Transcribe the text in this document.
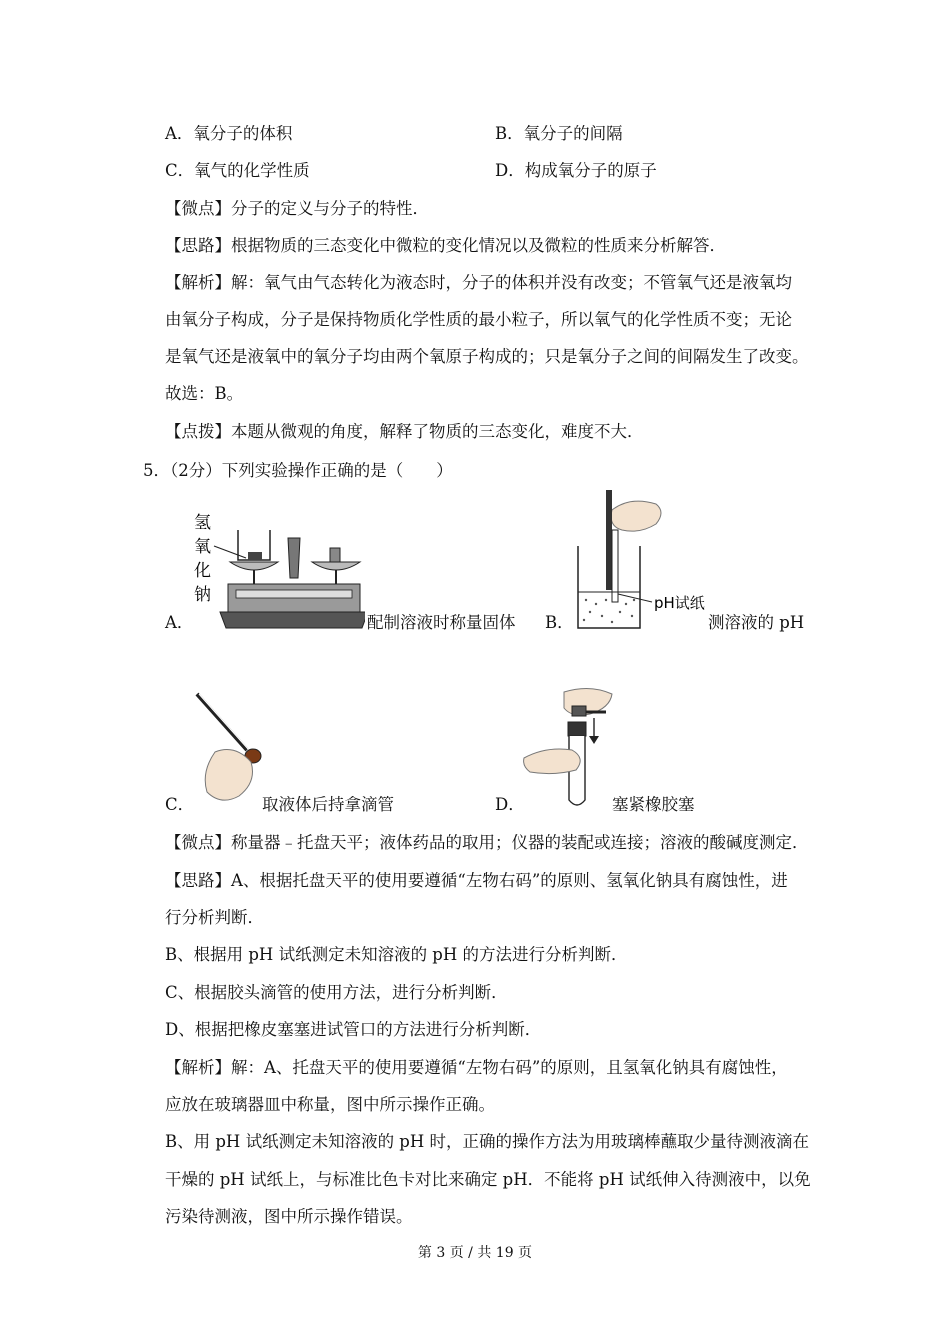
A．氧分子的体积	B．氧分子的间隔
C．氧气的化学性质	D．构成氧分子的原子
【微点】分子的定义与分子的特性．
【思路】根据物质的三态变化中微粒的变化情况以及微粒的性质来分析解答．
【解析】解：氧气由气态转化为液态时，分子的体积并没有改变；不管氧气还是液氧均
由氧分子构成，分子是保持物质化学性质的最小粒子，所以氧气的化学性质不变；无论
是氧气还是液氧中的氧分子均由两个氧原子构成的；只是氧分子之间的间隔发生了改变。
故选：B。
【点拨】本题从微观的角度，解释了物质的三态变化，难度不大．
5．（2分）下列实验操作正确的是（　　）
氢
氧
化
钠
A．	配制溶液时称量固体
pH试纸
B．	测溶液的 pH
C．	取液体后持拿滴管	D．	塞紧橡胶塞
【微点】称量器﹣托盘天平；液体药品的取用；仪器的装配或连接；溶液的酸碱度测定．
【思路】A、根据托盘天平的使用要遵循“左物右码”的原则、氢氧化钠具有腐蚀性，进
行分析判断．
B、根据用 pH 试纸测定未知溶液的 pH 的方法进行分析判断．
C、根据胶头滴管的使用方法，进行分析判断．
D、根据把橡皮塞塞进试管口的方法进行分析判断．
【解析】解：A、托盘天平的使用要遵循“左物右码”的原则，且氢氧化钠具有腐蚀性，
应放在玻璃器皿中称量，图中所示操作正确。
B、用 pH 试纸测定未知溶液的 pH 时，正确的操作方法为用玻璃棒蘸取少量待测液滴在
干燥的 pH 试纸上，与标准比色卡对比来确定 pH．不能将 pH 试纸伸入待测液中，以免
污染待测液，图中所示操作错误。
第 3 页 / 共 19 页
